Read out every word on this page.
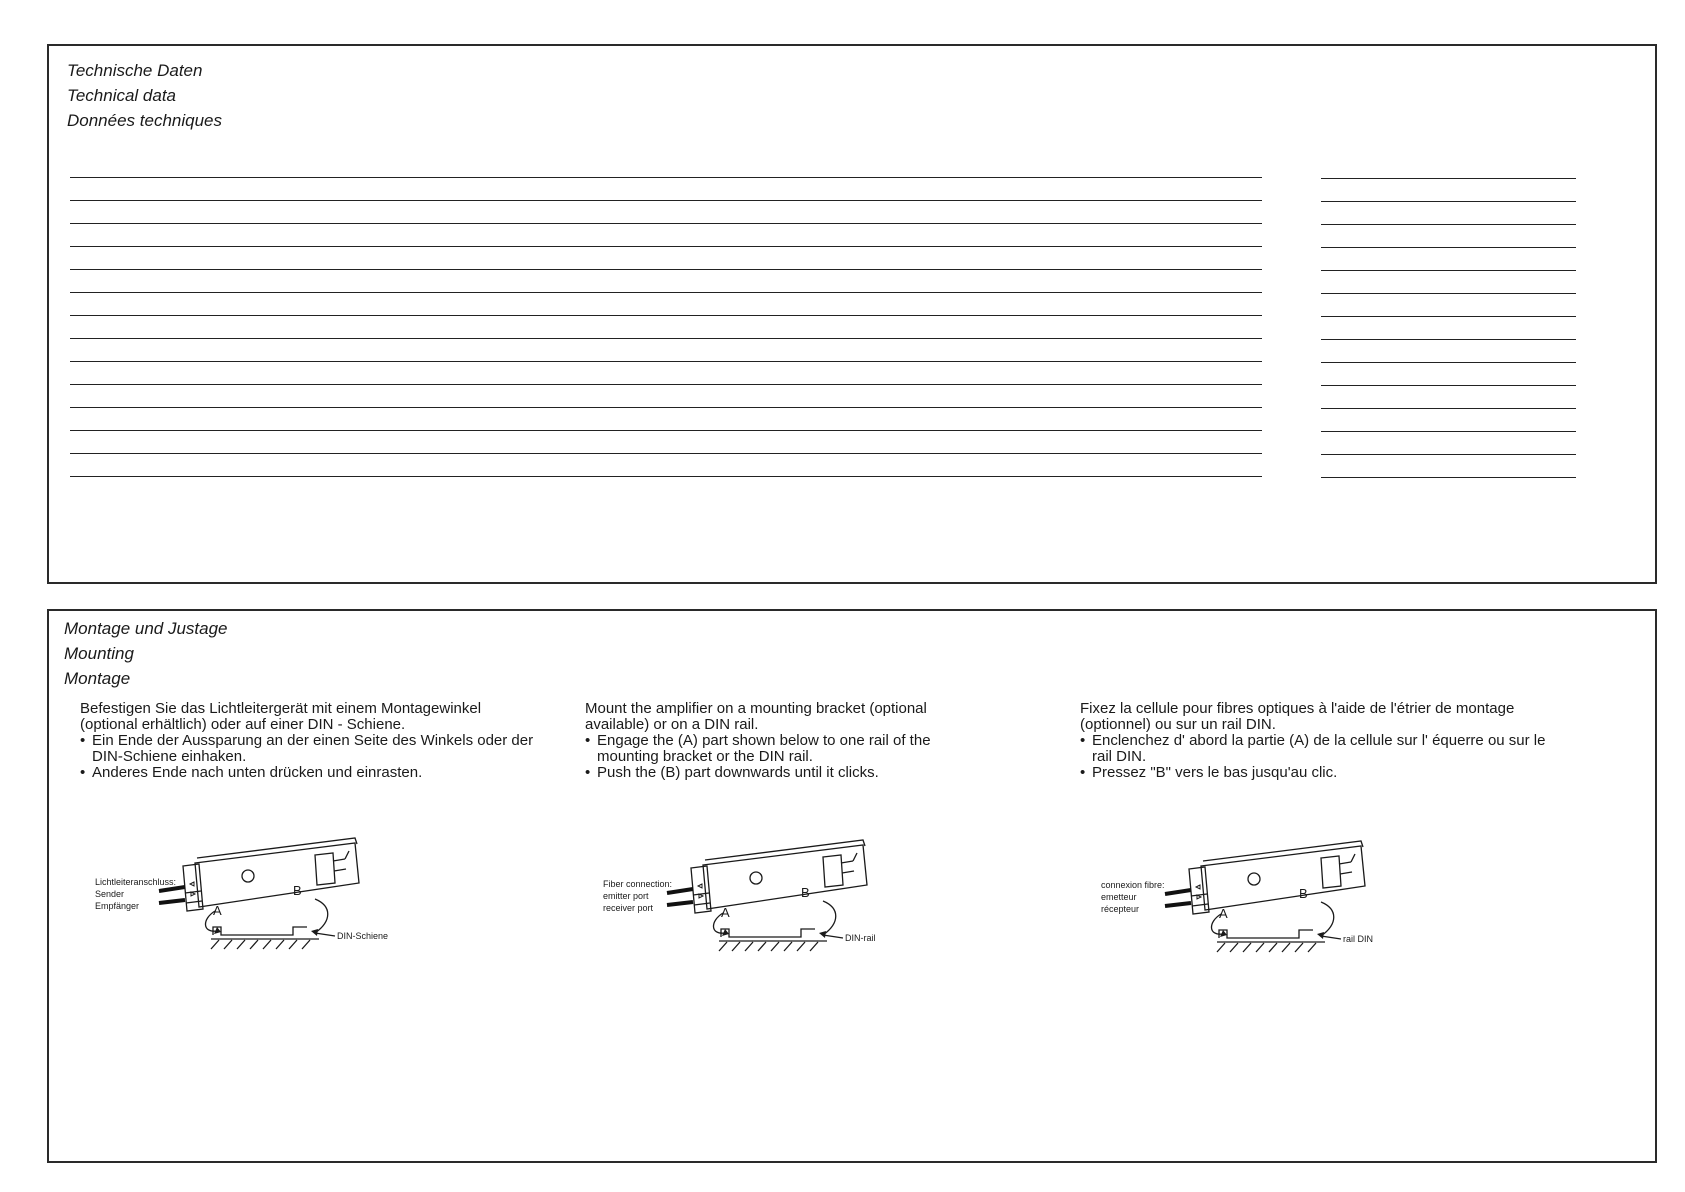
Technische Daten
Technical data
Données techniques
Montage und Justage
Mounting
Montage

Befestigen Sie das Lichtleitergerät mit einem Montagewinkel (optional erhältlich) oder auf einer DIN - Schiene.

• Ein Ende der Aussparung an der einen Seite des Winkels oder der DIN-Schiene einhaken.
• Anderes Ende nach unten drücken und einrasten.

Mount the amplifier on a mounting bracket (optional available) or on a DIN rail.

• Engage the (A) part shown below to one rail of the mounting bracket or the DIN rail.
• Push the (B) part downwards until it clicks.

Fixez la cellule pour fibres optiques à l'aide de l'étrier de montage (optionnel) ou sur un rail DIN.

• Enclenchez d' abord la partie (A) de la cellule sur l' équerre ou sur le rail DIN.
• Pressez "B" vers le bas jusqu'au clic.
Lichtleiteranschluss:
Sender
Empfänger
DIN-Schiene
A
B	Fiber connection:
emitter port
receiver port
DIN-rail
A
B	connexion fibre:
emetteur
récepteur
rail DIN
A
B
